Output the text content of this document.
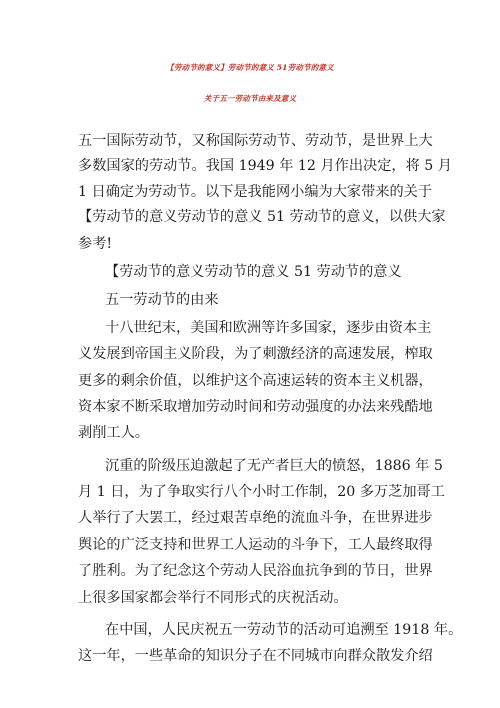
【劳动节的意义】劳动节的意义 51劳动节的意义
关于五一劳动节由来及意义
五一国际劳动节，又称国际劳动节、劳动节，是世界上大
多数国家的劳动节。我国 1949 年 12 月作出决定，将 5 月
1 日确定为劳动节。以下是我能网小编为大家带来的关于
【劳动节的意义劳动节的意义 51 劳动节的意义，以供大家
参考!
【劳动节的意义劳动节的意义 51 劳动节的意义
五一劳动节的由来
十八世纪末，美国和欧洲等许多国家，逐步由资本主
义发展到帝国主义阶段，为了刺激经济的高速发展，榨取
更多的剩余价值，以维护这个高速运转的资本主义机器，
资本家不断采取增加劳动时间和劳动强度的办法来残酷地
剥削工人。
沉重的阶级压迫激起了无产者巨大的愤怒，1886 年 5
月 1 日，为了争取实行八个小时工作制，20 多万芝加哥工
人举行了大罢工，经过艰苦卓绝的流血斗争，在世界进步
舆论的广泛支持和世界工人运动的斗争下，工人最终取得
了胜利。为了纪念这个劳动人民浴血抗争到的节日，世界
上很多国家都会举行不同形式的庆祝活动。
在中国，人民庆祝五一劳动节的活动可追溯至 1918 年。
这一年，一些革命的知识分子在不同城市向群众散发介绍
